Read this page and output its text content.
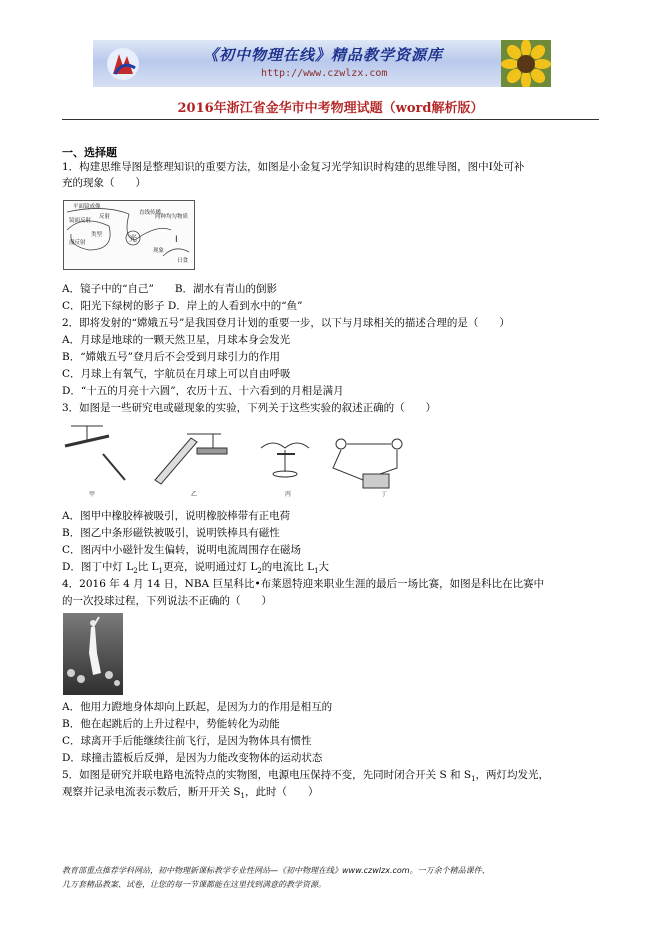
《初中物理在线》精品教学资源库
http://www.czwlzx.com
2016年浙江省金华市中考物理试题（word解析版）
一、选择题
1．构建思维导图是整理知识的重要方法，如图是小金复习光学知识时构建的思维导图，图中Ⅰ处可补
充的现象（　　）
平面镜成像
镜面反射
反射
直线传播
漫反射
类型	光
同种均匀物质
现象
Ⅰ
日食
A．镜子中的“自己”　　B．湖水有青山的倒影
C．阳光下绿树的影子 D．岸上的人看到水中的“鱼”
2．即将发射的“嫦娥五号”是我国登月计划的重要一步，以下与月球相关的描述合理的是（　　）
A．月球是地球的一颗天然卫星，月球本身会发光
B．“嫦娥五号”登月后不会受到月球引力的作用
C．月球上有氧气，宇航员在月球上可以自由呼吸
D．“十五的月亮十六圆”，农历十五、十六看到的月相是满月
3．如图是一些研究电或磁现象的实验，下列关于这些实验的叙述正确的（　　）
甲	乙	丙	丁
A．图甲中橡胶棒被吸引，说明橡胶棒带有正电荷
B．图乙中条形磁铁被吸引，说明铁棒具有磁性
C．图丙中小磁针发生偏转，说明电流周围存在磁场
D．图丁中灯 $L_2$比 $L_1$更亮，说明通过灯 $L_2$的电流比 $L_1$大
4．2016 年 4 月 14 日，NBA 巨星科比•布莱恩特迎来职业生涯的最后一场比赛，如图是科比在比赛中
的一次投球过程，下列说法不正确的（　　）
A．他用力蹬地身体却向上跃起，是因为力的作用是相互的
B．他在起跳后的上升过程中，势能转化为动能
C．球离开手后能继续往前飞行，是因为物体具有惯性
D．球撞击篮板后反弹，是因为力能改变物体的运动状态
5．如图是研究并联电路电流特点的实物图，电源电压保持不变，先同时闭合开关 S 和 $S_1$，两灯均发光，
观察并记录电流表示数后，断开开关 $S_1$，此时（　　）
教育部重点推荐学科网站，初中物理新课标教学专业性网站—《初中物理在线》www.czwlzx.com。一万余个精品课件、
几万套精品教案、试卷，让您的每一节课都能在这里找到满意的教学资源。
